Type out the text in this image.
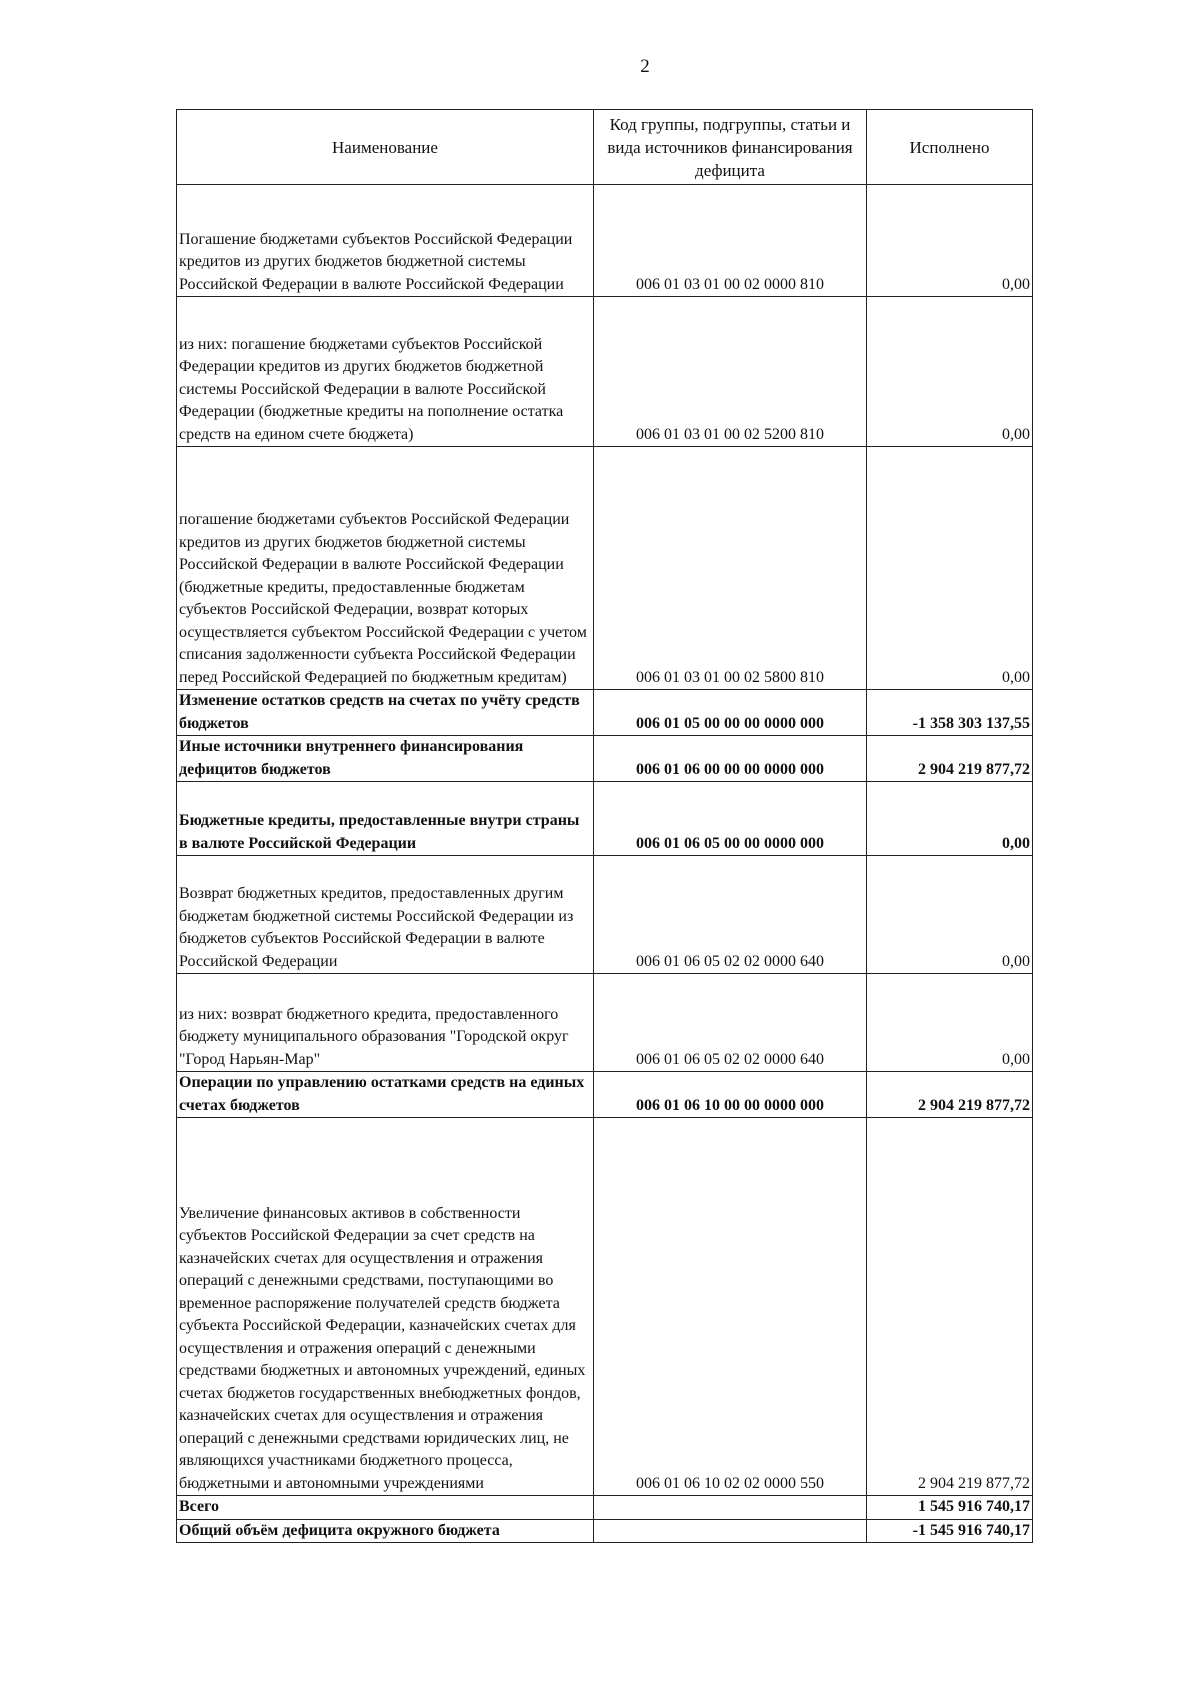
2
Наименование	Код группы, подгруппы, статьи и вида источников финансирования дефицита	Исполнено
Погашение бюджетами субъектов Российской Федерации кредитов из других бюджетов бюджетной системы Российской Федерации в валюте Российской Федерации	006 01 03 01 00 02 0000 810	0,00
из них: погашение бюджетами субъектов Российской Федерации кредитов из других бюджетов бюджетной системы Российской Федерации в валюте Российской Федерации (бюджетные кредиты на пополнение остатка средств на едином счете бюджета)	006 01 03 01 00 02 5200 810	0,00
погашение бюджетами субъектов Российской Федерации кредитов из других бюджетов бюджетной системы Российской Федерации в валюте Российской Федерации (бюджетные кредиты, предоставленные бюджетам субъектов Российской Федерации, возврат которых осуществляется субъектом Российской Федерации с учетом списания задолженности субъекта Российской Федерации перед Российской Федерацией по бюджетным кредитам)	006 01 03 01 00 02 5800 810	0,00
Изменение остатков средств на счетах по учёту средств бюджетов	006 01 05 00 00 00 0000 000	-1 358 303 137,55
Иные источники внутреннего финансирования дефицитов бюджетов	006 01 06 00 00 00 0000 000	2 904 219 877,72
Бюджетные кредиты, предоставленные внутри страны в валюте Российской Федерации	006 01 06 05 00 00 0000 000	0,00
Возврат бюджетных кредитов, предоставленных другим бюджетам бюджетной системы Российской Федерации из бюджетов субъектов Российской Федерации в валюте Российской Федерации	006 01 06 05 02 02 0000 640	0,00
из них: возврат бюджетного кредита, предоставленного бюджету муниципального образования "Городской округ "Город Нарьян-Мар"	006 01 06 05 02 02 0000 640	0,00
Операции по управлению остатками средств на единых счетах бюджетов	006 01 06 10 00 00 0000 000	2 904 219 877,72
Увеличение финансовых активов в собственности субъектов Российской Федерации за счет средств на казначейских счетах для осуществления и отражения операций с денежными средствами, поступающими во временное распоряжение получателей средств бюджета субъекта Российской Федерации, казначейских счетах для осуществления и отражения операций с денежными средствами бюджетных и автономных учреждений, единых счетах бюджетов государственных внебюджетных фондов, казначейских счетах для осуществления и отражения операций с денежными средствами юридических лиц, не являющихся участниками бюджетного процесса, бюджетными и автономными учреждениями	006 01 06 10 02 02 0000 550	2 904 219 877,72
Всего		1 545 916 740,17
Общий объём дефицита окружного бюджета		-1 545 916 740,17
